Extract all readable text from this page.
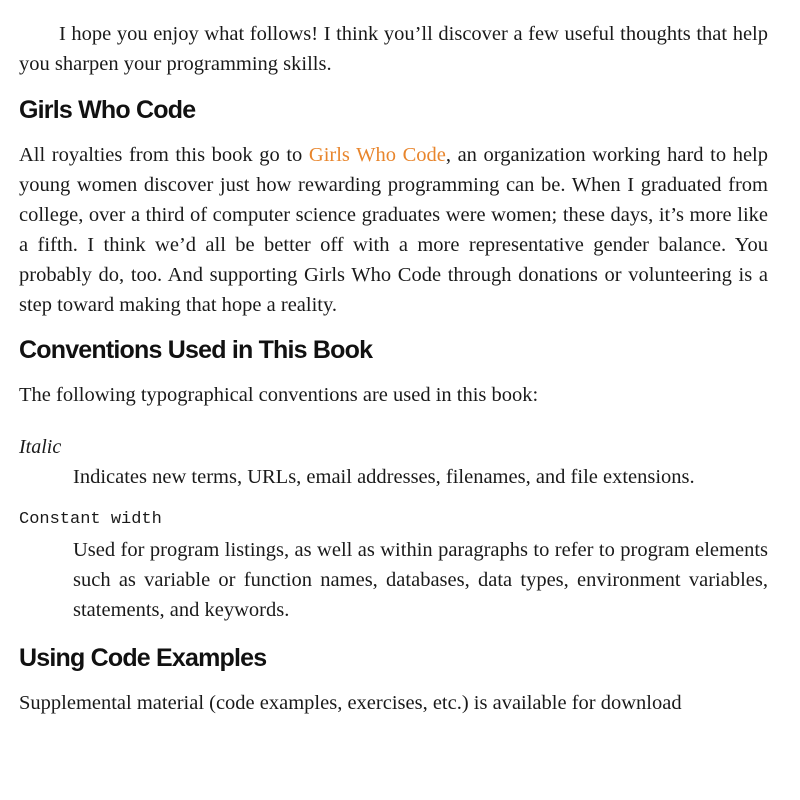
I hope you enjoy what follows! I think you’ll discover a few useful thoughts that help you sharpen your programming skills.

Girls Who Code

All royalties from this book go to Girls Who Code, an organization working hard to help young women discover just how rewarding programming can be. When I graduated from college, over a third of computer science graduates were women; these days, it’s more like a fifth. I think we’d all be better off with a more representative gender balance. You probably do, too. And supporting Girls Who Code through donations or volunteering is a step toward making that hope a reality.

Conventions Used in This Book

The following typographical conventions are used in this book:

Italic
Indicates new terms, URLs, email addresses, filenames, and file extensions.
Constant width
Used for program listings, as well as within paragraphs to refer to program elements such as variable or function names, databases, data types, environment variables, statements, and keywords.
Using Code Examples

Supplemental material (code examples, exercises, etc.) is available for download
